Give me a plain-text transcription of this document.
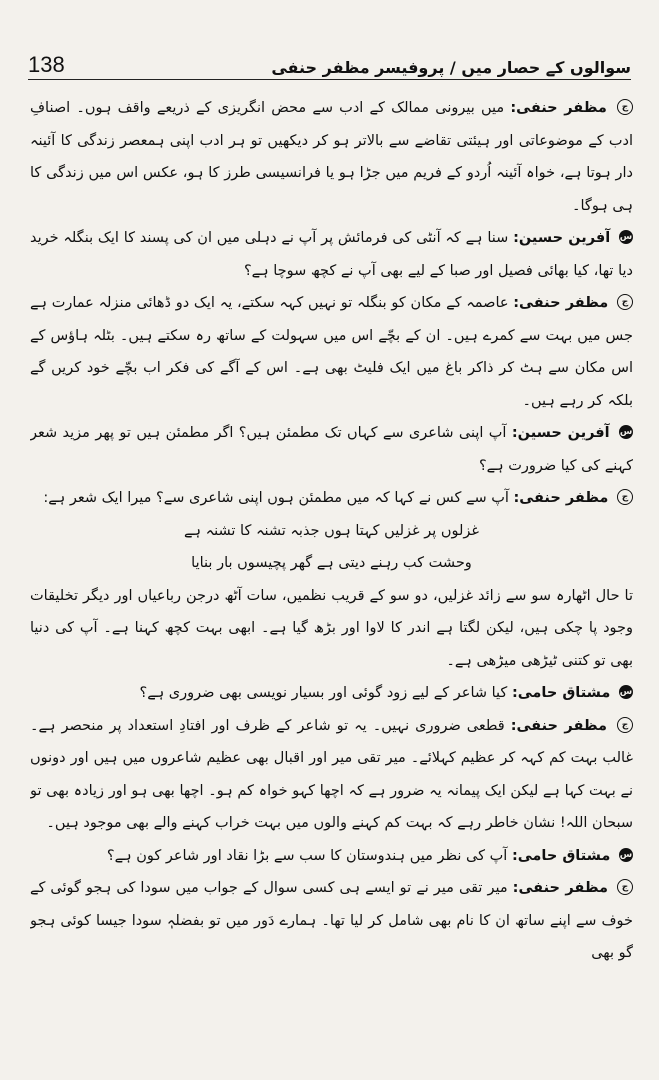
138	سوالوں کے حصار میں / پروفیسر مظفر حنفی

ج مظفر حنفی: میں بیرونی ممالک کے ادب سے محض انگریزی کے ذریعے واقف ہوں۔ اصنافِ ادب کے موضوعاتی اور ہیئتی تقاضے سے بالاتر ہو کر دیکھیں تو ہر ادب اپنی ہمعصر زندگی کا آئینہ دار ہوتا ہے، خواہ آئینہ اُردو کے فریم میں جڑا ہو یا فرانسیسی طرز کا ہو، عکس اس میں زندگی کا ہی ہوگا۔

س آفرین حسین: سنا ہے کہ آنٹی کی فرمائش پر آپ نے دہلی میں ان کی پسند کا ایک بنگلہ خرید دیا تھا، کیا بھائی فصیل اور صبا کے لیے بھی آپ نے کچھ سوچا ہے؟

ج مظفر حنفی: عاصمہ کے مکان کو بنگلہ تو نہیں کہہ سکتے، یہ ایک دو ڈھائی منزلہ عمارت ہے جس میں بہت سے کمرے ہیں۔ ان کے بچّے اس میں سہولت کے ساتھ رہ سکتے ہیں۔ بٹلہ ہاؤس کے اس مکان سے ہٹ کر ذاکر باغ میں ایک فلیٹ بھی ہے۔ اس کے آگے کی فکر اب بچّے خود کریں گے بلکہ کر رہے ہیں۔

س آفرین حسین: آپ اپنی شاعری سے کہاں تک مطمئن ہیں؟ اگر مطمئن ہیں تو پھر مزید شعر کہنے کی کیا ضرورت ہے؟

ج مظفر حنفی: آپ سے کس نے کہا کہ میں مطمئن ہوں اپنی شاعری سے؟ میرا ایک شعر ہے:

غزلوں پر غزلیں کہتا ہوں جذبہ تشنہ کا تشنہ ہے

وحشت کب رہنے دیتی ہے گھر پچیسوں بار بنایا

تا حال اٹھارہ سو سے زائد غزلیں، دو سو کے قریب نظمیں، سات آٹھ درجن رباعیاں اور دیگر تخلیقات وجود پا چکی ہیں، لیکن لگتا ہے اندر کا لاوا اور بڑھ گیا ہے۔ ابھی بہت کچھ کہنا ہے۔ آپ کی دنیا بھی تو کتنی ٹیڑھی میڑھی ہے۔

س مشتاق حامی: کیا شاعر کے لیے زود گوئی اور بسیار نویسی بھی ضروری ہے؟

ج مظفر حنفی: قطعی ضروری نہیں۔ یہ تو شاعر کے ظرف اور افتادِ استعداد پر منحصر ہے۔ غالب بہت کم کہہ کر عظیم کہلائے۔ میر تقی میر اور اقبال بھی عظیم شاعروں میں ہیں اور دونوں نے بہت کہا ہے لیکن ایک پیمانہ یہ ضرور ہے کہ اچھا کہو خواہ کم ہو۔ اچھا بھی ہو اور زیادہ بھی تو سبحان اللہ! نشان خاطر رہے کہ بہت کم کہنے والوں میں بہت خراب کہنے والے بھی موجود ہیں۔

س مشتاق حامی: آپ کی نظر میں ہندوستان کا سب سے بڑا نقاد اور شاعر کون ہے؟

ج مظفر حنفی: میر تقی میر نے تو ایسے ہی کسی سوال کے جواب میں سودا کی ہجو گوئی کے خوف سے اپنے ساتھ ان کا نام بھی شامل کر لیا تھا۔ ہمارے دَور میں تو بفضلہٖ سودا جیسا کوئی ہجو گو بھی
